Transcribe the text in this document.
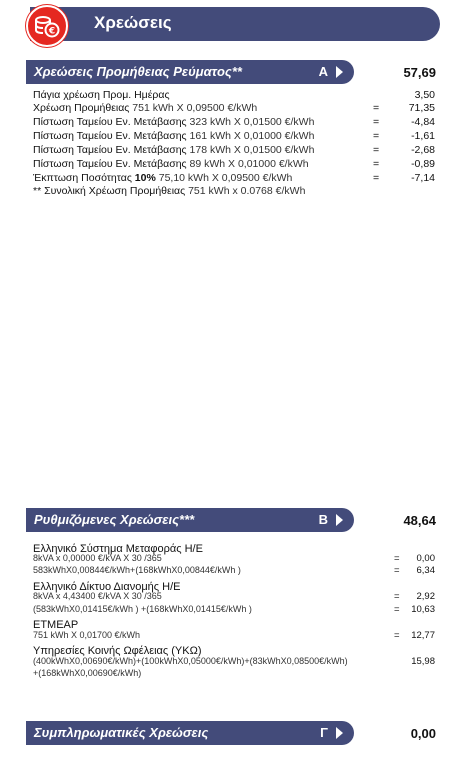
€ Χρεώσεις
Χρεώσεις Προμήθειας Ρεύματος**	Α	57,69
Πάγια χρέωση Προμ. Ημέρας	3,50
Χρέωση Προμήθειας 751 kWh X 0,09500 €/kWh	=	71,35
Πίστωση Ταμείου Εν. Μετάβασης 323 kWh X 0,01500 €/kWh	=	-4,84
Πίστωση Ταμείου Εν. Μετάβασης 161 kWh X 0,01000 €/kWh	=	-1,61
Πίστωση Ταμείου Εν. Μετάβασης 178 kWh X 0,01500 €/kWh	=	-2,68
Πίστωση Ταμείου Εν. Μετάβασης 89 kWh X 0,01000 €/kWh	=	-0,89
Έκπτωση Ποσότητας 10% 75,10 kWh X 0,09500 €/kWh	=	-7,14
** Συνολική Χρέωση Προμήθειας 751 kWh x 0.0768 €/kWh
Ρυθμιζόμενες Χρεώσεις***	Β	48,64
Ελληνικό Σύστημα Μεταφοράς Η/Ε
8kVA x 0,00000 €/kVA X 30 /365	= 0,00
583kWhX0,00844€/kWh+(168kWhX0,00844€/kWh )	= 6,34
Ελληνικό Δίκτυο Διανομής Η/Ε
8kVA x 4,43400 €/kVA X 30 /365	= 2,92
(583kWhX0,01415€/kWh ) +(168kWhX0,01415€/kWh )	= 10,63
ΕΤΜΕΑΡ
751 kWh X 0,01700 €/kWh	= 12,77
Υπηρεσίες Κοινής Ωφέλειας (ΥΚΩ)
(400kWhX0,00690€/kWh)+(100kWhX0,05000€/kWh)+(83kWhX0,08500€/kWh)	15,98
+(168kWhX0,00690€/kWh)
Συμπληρωματικές Χρεώσεις	Γ	0,00
